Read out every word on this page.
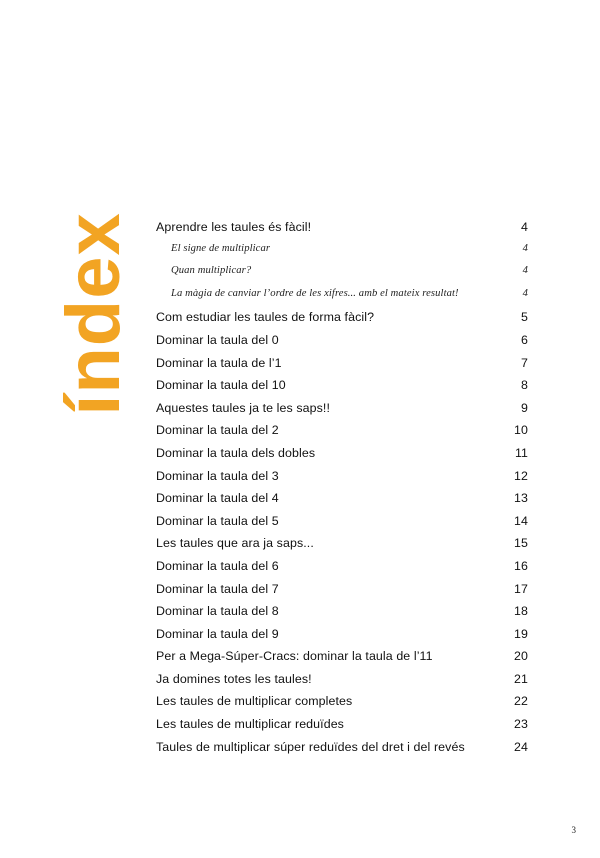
índex Aprendre les taules és fàcil!	4
El signe de multiplicar	4
Quan multiplicar?	4
La màgia de canviar l’ordre de les xifres... amb el mateix resultat!	4
Com estudiar les taules de forma fàcil?	5
Dominar la taula del 0	6
Dominar la taula de l’1	7
Dominar la taula del 10	8
Aquestes taules ja te les saps!!	9
Dominar la taula del 2	10
Dominar la taula dels dobles	11
Dominar la taula del 3	12
Dominar la taula del 4	13
Dominar la taula del 5	14
Les taules que ara ja saps...	15
Dominar la taula del 6	16
Dominar la taula del 7	17
Dominar la taula del 8	18
Dominar la taula del 9	19
Per a Mega-Súper-Cracs: dominar la taula de l’11	20
Ja domines totes les taules!	21
Les taules de multiplicar completes	22
Les taules de multiplicar reduïdes	23
Taules de multiplicar súper reduïdes del dret i del revés	24
3
